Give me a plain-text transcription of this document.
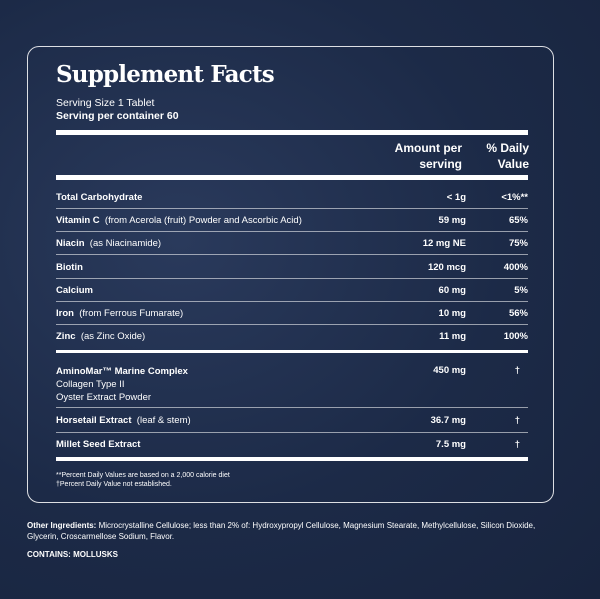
Supplement Facts
Serving Size 1 Tablet
Serving per container 60
Amount per serving
% Daily Value
Total Carbohydrate	< 1g	<1%**
Vitamin C (from Acerola (fruit) Powder and Ascorbic Acid)	59 mg	65%
Niacin (as Niacinamide)	12 mg NE	75%
Biotin	120 mcg	400%
Calcium	60 mg	5%
Iron (from Ferrous Fumarate)	10 mg	56%
Zinc (as Zinc Oxide)	11 mg	100%
AminoMar™ Marine Complex
Collagen Type II
Oyster Extract Powder
450 mg	†
Horsetail Extract (leaf & stem)	36.7 mg	†
Millet Seed Extract	7.5 mg	†
**Percent Daily Values are based on a 2,000 calorie diet
†Percent Daily Value not established.
Other Ingredients: Microcrystalline Cellulose; less than 2% of: Hydroxypropyl Cellulose, Magnesium Stearate, Methylcellulose, Silicon Dioxide, Glycerin, Croscarmellose Sodium, Flavor.
CONTAINS: MOLLUSKS
